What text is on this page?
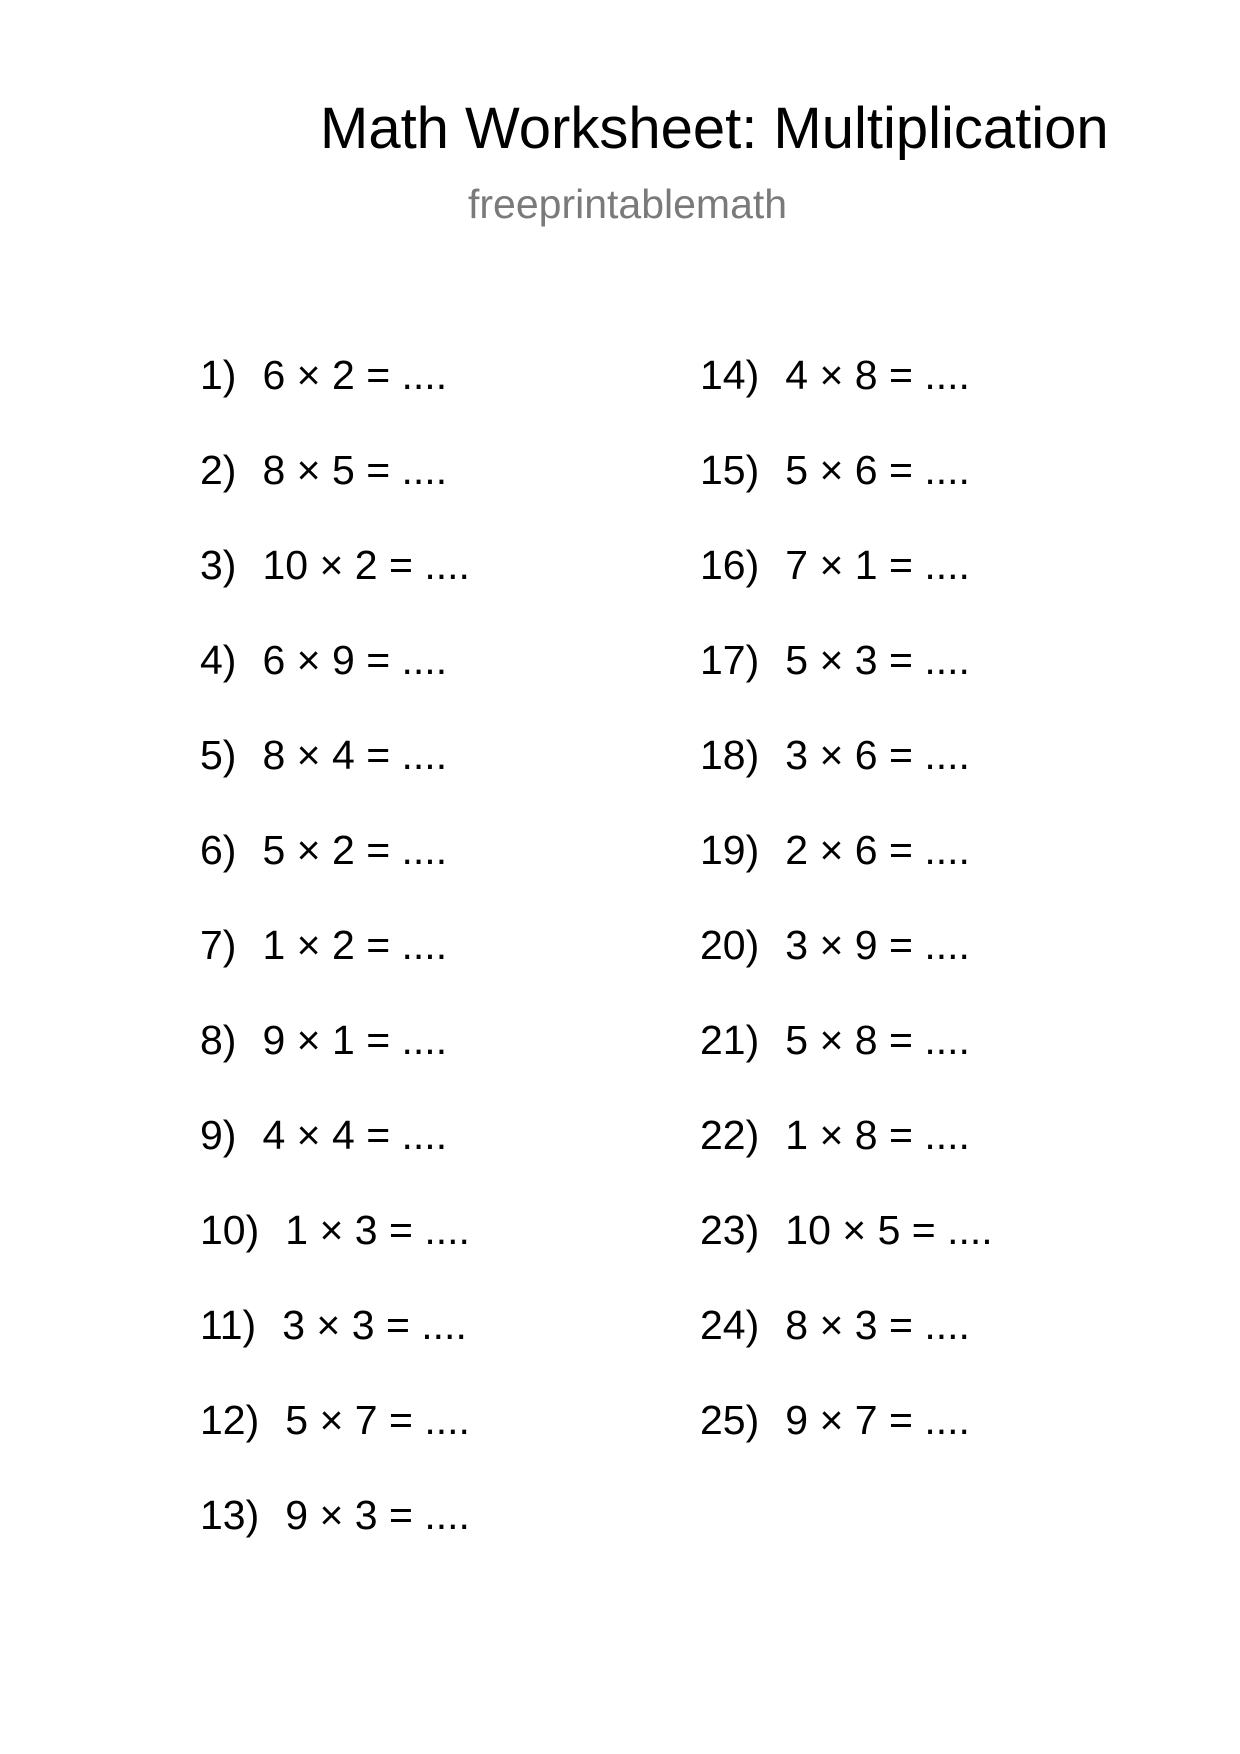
Math Worksheet: Multiplication
freeprintablemath
1) 6 × 2 = ....
2) 8 × 5 = ....
3) 10 × 2 = ....
4) 6 × 9 = ....
5) 8 × 4 = ....
6) 5 × 2 = ....
7) 1 × 2 = ....
8) 9 × 1 = ....
9) 4 × 4 = ....
10) 1 × 3 = ....
11) 3 × 3 = ....
12) 5 × 7 = ....
13) 9 × 3 = ....
14) 4 × 8 = ....
15) 5 × 6 = ....
16) 7 × 1 = ....
17) 5 × 3 = ....
18) 3 × 6 = ....
19) 2 × 6 = ....
20) 3 × 9 = ....
21) 5 × 8 = ....
22) 1 × 8 = ....
23) 10 × 5 = ....
24) 8 × 3 = ....
25) 9 × 7 = ....
